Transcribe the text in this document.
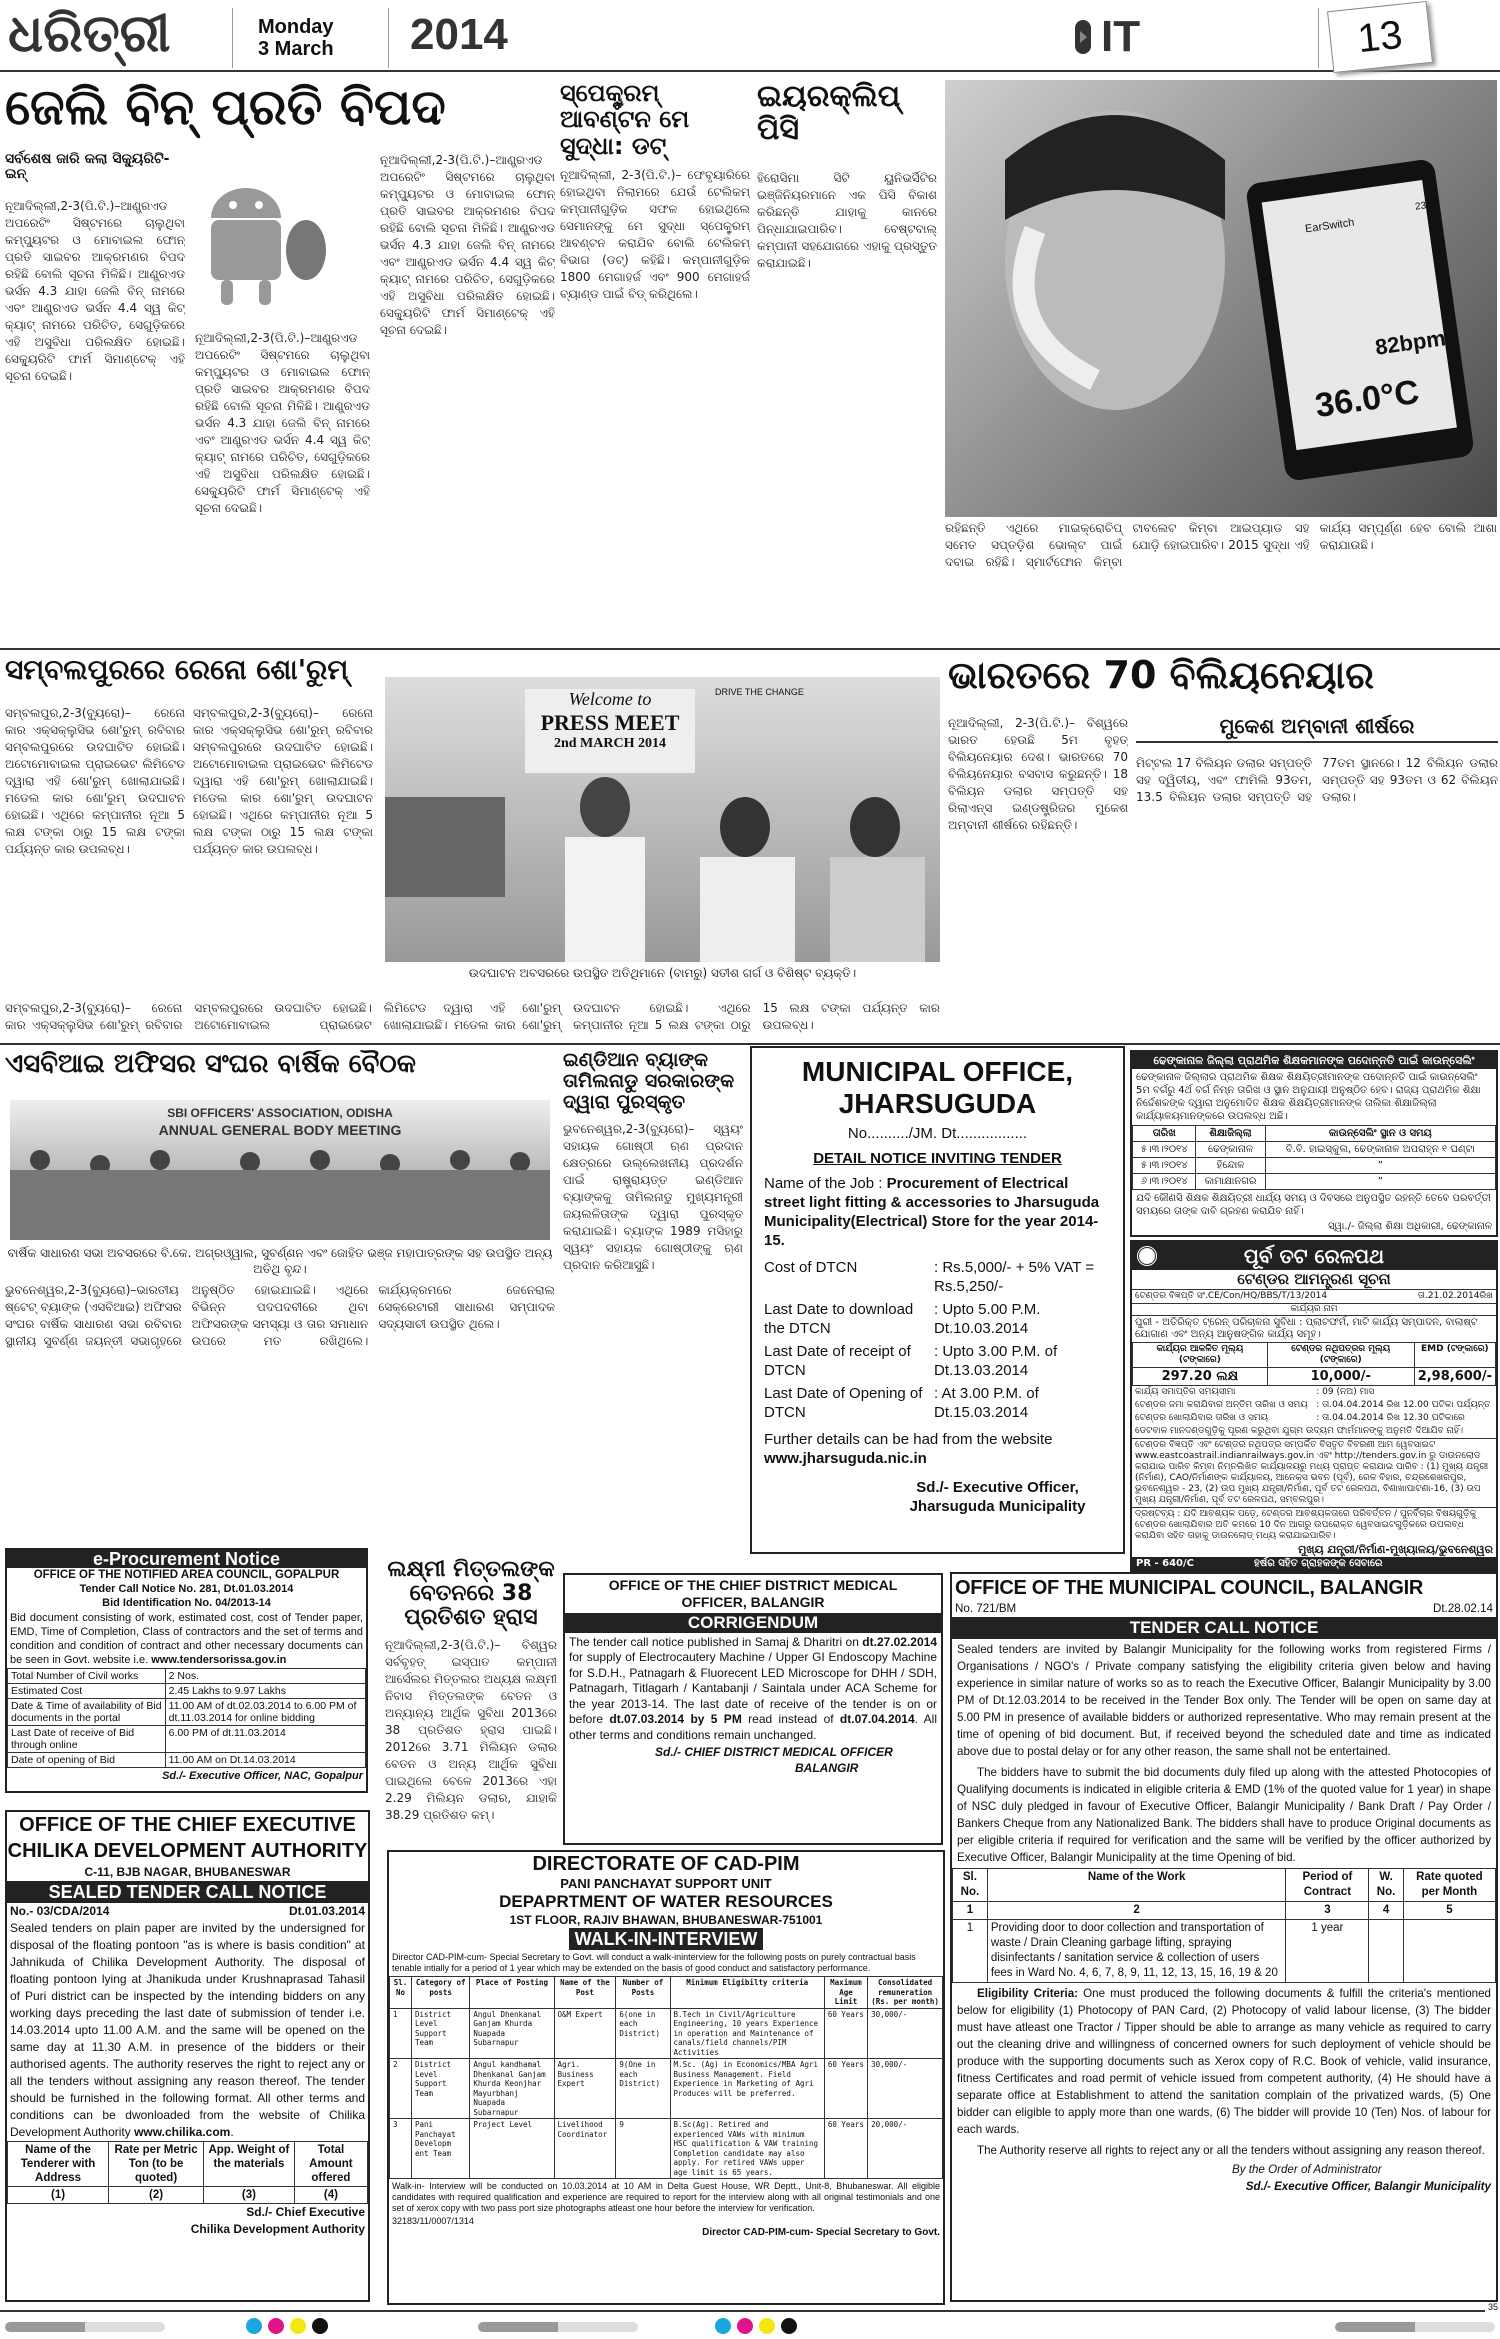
ଧରିତ୍ରୀ	Monday
3 March 2014	IT	13
ଜେଲି ବିନ୍ ପ୍ରତି ବିପଦ
ସର୍ବଶେଷ ଜାରି କଲା ସିକ୍ୟୁରିଟି-ଇନ୍
ନୂଆଦିଲ୍ଲୀ,2-3(ପି.ଟି.)–ଆଣ୍ଡ୍ରଏଡ ଅପରେଟିଂ ସିଷ୍ଟମରେ ଚାଲୁଥିବା କମ୍ପ୍ୟୁଟର ଓ ମୋବାଇଲ ଫୋନ୍ ପ୍ରତି ସାଇବର ଆକ୍ରମଣର ବିପଦ ରହିଛି ବୋଲି ସୂଚନା ମିଳିଛି। ଆଣ୍ଡ୍ରଏଡ ଭର୍ସନ 4.3 ଯାହା ଜେଲି ବିନ୍ ନାମରେ ଏବଂ ଆଣ୍ଡ୍ରଏଡ ଭର୍ସନ 4.4 ସ୍ୱ କିଟ୍ କ୍ୟାଟ୍ ନାମରେ ପରିଚିତ, ସେଗୁଡ଼ିକରେ ଏହି ଅସୁବିଧା ପରିଲକ୍ଷିତ ହୋଇଛି। ସେକ୍ୟୁରିଟି ଫାର୍ମ ସିମାଣ୍ଟେକ୍ ଏହି ସୂଚନା ଦେଇଛି।
ନୂଆଦିଲ୍ଲୀ,2-3(ପି.ଟି.)–ଆଣ୍ଡ୍ରଏଡ ଅପରେଟିଂ ସିଷ୍ଟମରେ ଚାଲୁଥିବା କମ୍ପ୍ୟୁଟର ଓ ମୋବାଇଲ ଫୋନ୍ ପ୍ରତି ସାଇବର ଆକ୍ରମଣର ବିପଦ ରହିଛି ବୋଲି ସୂଚନା ମିଳିଛି। ଆଣ୍ଡ୍ରଏଡ ଭର୍ସନ 4.3 ଯାହା ଜେଲି ବିନ୍ ନାମରେ ଏବଂ ଆଣ୍ଡ୍ରଏଡ ଭର୍ସନ 4.4 ସ୍ୱ କିଟ୍ କ୍ୟାଟ୍ ନାମରେ ପରିଚିତ, ସେଗୁଡ଼ିକରେ ଏହି ଅସୁବିଧା ପରିଲକ୍ଷିତ ହୋଇଛି। ସେକ୍ୟୁରିଟି ଫାର୍ମ ସିମାଣ୍ଟେକ୍ ଏହି ସୂଚନା ଦେଇଛି।
ନୂଆଦିଲ୍ଲୀ,2-3(ପି.ଟି.)–ଆଣ୍ଡ୍ରଏଡ ଅପରେଟିଂ ସିଷ୍ଟମରେ ଚାଲୁଥିବା କମ୍ପ୍ୟୁଟର ଓ ମୋବାଇଲ ଫୋନ୍ ପ୍ରତି ସାଇବର ଆକ୍ରମଣର ବିପଦ ରହିଛି ବୋଲି ସୂଚନା ମିଳିଛି। ଆଣ୍ଡ୍ରଏଡ ଭର୍ସନ 4.3 ଯାହା ଜେଲି ବିନ୍ ନାମରେ ଏବଂ ଆଣ୍ଡ୍ରଏଡ ଭର୍ସନ 4.4 ସ୍ୱ କିଟ୍ କ୍ୟାଟ୍ ନାମରେ ପରିଚିତ, ସେଗୁଡ଼ିକରେ ଏହି ଅସୁବିଧା ପରିଲକ୍ଷିତ ହୋଇଛି। ସେକ୍ୟୁରିଟି ଫାର୍ମ ସିମାଣ୍ଟେକ୍ ଏହି ସୂଚନା ଦେଇଛି।
ସ୍ପେକ୍ଟ୍ରମ୍ ଆବଣ୍ଟନ ମେ ସୁଦ୍ଧା: ଡଟ୍
ନୂଆଦିଲ୍ଲୀ, 2-3(ପି.ଟି.)– ଫେବୃୟାରିରେ ହୋଇଥିବା ନିଲାମରେ ଯେଉଁ ଟେଲିକମ୍ କମ୍ପାନୀଗୁଡ଼ିକ ସଫଳ ହୋଇଥିଲେ ସେମାନଙ୍କୁ ମେ ସୁଦ୍ଧା ସ୍ପେକ୍ଟ୍ରମ୍ ଆବଣ୍ଟନ କରାଯିବ ବୋଲି ଟେଲିକମ୍ ବିଭାଗ (ଡଟ୍) କହିଛି। କମ୍ପାନୀଗୁଡ଼ିକ 1800 ମେଗାହର୍ଜ ଏବଂ 900 ମେଗାହର୍ଜ ବ୍ୟାଣ୍ଡ ପାଇଁ ବିଡ୍ କରିଥିଲେ।
ଇୟରକ୍ଲିପ୍ ପିସି
ହିରୋସିମା ସିଟି ୟୁନିଭର୍ସିଟିର ଇଞ୍ଜିନିୟରମାନେ ଏକ ପିସି ବିକାଶ କରିଛନ୍ତି ଯାହାକୁ କାନରେ ପିନ୍ଧାଯାଇପାରିବ। ବେଷ୍ଟବାଲ୍ କମ୍ପାନୀ ସହଯୋଗରେ ଏହାକୁ ପ୍ରସ୍ତୁତ କରାଯାଇଛି।
EarSwitch
23:16
82bpm
36.0°C
ରହିଛନ୍ତି ଏଥିରେ ମାଇକ୍ରୋଚିପ୍ ସମେତ ସପ୍ତଡ଼ିଶ ଭୋଲ୍ଟ ପାଇଁ ଦବାଇ ରହିଛି। ସ୍ମାର୍ଟଫୋନ କିମ୍ବା ଟାବଲେଟ କିମ୍ବା ଆଇପ୍ୟାଡ ସହ ଯୋଡ଼ି ହୋଇପାରିବ। 2015 ସୁଦ୍ଧା ଏହି କାର୍ଯ୍ୟ ସମ୍ପୂର୍ଣ୍ଣ ହେବ ବୋଲି ଆଶା କରାଯାଉଛି।
ସମ୍ବଲପୁରରେ ରେନୋ ଶୋ'ରୁମ୍
ସମ୍ବଲପୁର,2-3(ବ୍ୟୁରୋ)– ରେନୋ କାର ଏକ୍ସକ୍ଲୁସିଭ ଶୋ'ରୁମ୍ ରବିବାର ସମ୍ବଲପୁରରେ ଉଦଘାଟିତ ହୋଇଛି। ଅଟୋମୋବାଇଲ ପ୍ରାଇଭେଟ ଲିମିଟେଡ ଦ୍ୱାରା ଏହି ଶୋ'ରୁମ୍ ଖୋଲାଯାଇଛି। ମଡେଲ କାର ଶୋ'ରୁମ୍ ଉଦଘାଟନ ହୋଇଛି। ଏଥିରେ କମ୍ପାନୀର ନୂଆ 5 ଲକ୍ଷ ଟଙ୍କା ଠାରୁ 15 ଲକ୍ଷ ଟଙ୍କା ପର୍ଯ୍ୟନ୍ତ କାର ଉପଲବ୍ଧ।
ସମ୍ବଲପୁର,2-3(ବ୍ୟୁରୋ)– ରେନୋ କାର ଏକ୍ସକ୍ଲୁସିଭ ଶୋ'ରୁମ୍ ରବିବାର ସମ୍ବଲପୁରରେ ଉଦଘାଟିତ ହୋଇଛି। ଅଟୋମୋବାଇଲ ପ୍ରାଇଭେଟ ଲିମିଟେଡ ଦ୍ୱାରା ଏହି ଶୋ'ରୁମ୍ ଖୋଲାଯାଇଛି। ମଡେଲ କାର ଶୋ'ରୁମ୍ ଉଦଘାଟନ ହୋଇଛି। ଏଥିରେ କମ୍ପାନୀର ନୂଆ 5 ଲକ୍ଷ ଟଙ୍କା ଠାରୁ 15 ଲକ୍ଷ ଟଙ୍କା ପର୍ଯ୍ୟନ୍ତ କାର ଉପଲବ୍ଧ।
Welcome to
PRESS MEET
2nd MARCH 2014
DRIVE THE CHANGE
ଉଦଘାଟନ ଅବସରରେ ଉପସ୍ଥିତ ଅତିଥିମାନେ (ବାମରୁ) ସତୀଶ ଗର୍ଗ ଓ ବିଶିଷ୍ଟ ବ୍ୟକ୍ତି।
ସମ୍ବଲପୁର,2-3(ବ୍ୟୁରୋ)– ରେନୋ କାର ଏକ୍ସକ୍ଲୁସିଭ ଶୋ'ରୁମ୍ ରବିବାର ସମ୍ବଲପୁରରେ ଉଦଘାଟିତ ହୋଇଛି। ଅଟୋମୋବାଇଲ ପ୍ରାଇଭେଟ ଲିମିଟେଡ ଦ୍ୱାରା ଏହି ଶୋ'ରୁମ୍ ଖୋଲାଯାଇଛି। ମଡେଲ କାର ଶୋ'ରୁମ୍ ଉଦଘାଟନ ହୋଇଛି। ଏଥିରେ କମ୍ପାନୀର ନୂଆ 5 ଲକ୍ଷ ଟଙ୍କା ଠାରୁ 15 ଲକ୍ଷ ଟଙ୍କା ପର୍ଯ୍ୟନ୍ତ କାର ଉପଲବ୍ଧ।
ଭାରତରେ 70 ବିଲିୟନେୟାର
ନୂଆଦିଲ୍ଲୀ, 2-3(ପି.ଟି.)– ବିଶ୍ୱରେ ଭାରତ ହେଉଛି 5ମ ବୃହତ୍ ବିଲିୟନେୟାର ଦେଶ। ଭାରତରେ 70 ବିଲିୟନେୟାର ବସବାସ କରୁଛନ୍ତି। 18 ବିଲିୟନ ଡଲାର ସମ୍ପତ୍ତି ସହ ରିଲାଏନ୍ସ ଇଣ୍ଡଷ୍ଟ୍ରିଜର ମୁକେଶ ଅମ୍ବାନୀ ଶୀର୍ଷରେ ରହିଛନ୍ତି।
ମୁକେଶ ଅମ୍ବାନୀ ଶୀର୍ଷରେ
ମିଟ୍ଟଲ 17 ବିଲିୟନ ଡଲାର ସମ୍ପତ୍ତି ସହ ଦ୍ୱିତୀୟ, ଏବଂ ଫାମିଲି 93ତମ, 13.5 ବିଲିୟନ ଡଲାର ସମ୍ପତ୍ତି ସହ 77ତମ ସ୍ଥାନରେ। 12 ବିଲିୟନ ଡଲାର ସମ୍ପତ୍ତି ସହ 93ତମ ଓ 62 ବିଲିୟନ ଡଲାର।
ଏସବିଆଇ ଅଫିସର ସଂଘର ବାର୍ଷିକ ବୈଠକ
SBI OFFICERS' ASSOCIATION, ODISHA
ANNUAL GENERAL BODY MEETING
ବାର୍ଷିକ ସାଧାରଣ ସଭା ଅବସରରେ ବି.କେ. ଅଗ୍ରଓ୍ୱାଲ, ସୁବର୍ଣ୍ଣନ ଏବଂ ଜୋହିତ ଭଞ୍ଜ ମହାପାତ୍ରଙ୍କ ସହ ଉପସ୍ଥିତ ଅନ୍ୟ ଅତିଥି ବୃନ୍ଦ।
ଭୁବନେଶ୍ୱର,2-3(ବ୍ୟୁରୋ)–ଭାରତୀୟ ଷ୍ଟେଟ୍ ବ୍ୟାଙ୍କ (ଏସବିଆଇ) ଅଫିସର ସଂଘର ବାର୍ଷିକ ସାଧାରଣ ସଭା ରବିବାର ସ୍ଥାନୀୟ ସୁବର୍ଣ୍ଣ ଜୟନ୍ତୀ ସଭାଗୃହରେ ଅନୁଷ୍ଠିତ ହୋଇଯାଇଛି। ଏଥିରେ ବିଭିନ୍ନ ପଦପଦବୀରେ ଥିବା ଅଫିସରଙ୍କ ସମସ୍ୟା ଓ ତାର ସମାଧାନ ଉପରେ ମତ ରଖିଥିଲେ। କାର୍ଯ୍ୟକ୍ରମରେ ଜେନେରାଲ ସେକ୍ରେଟାରୀ ସାଧାରଣ ସମ୍ପାଦକ ସଦ୍ୟସାଚୀ ଉପସ୍ଥିତ ଥିଲେ।
ଇଣ୍ଡିଆନ ବ୍ୟାଙ୍କ ତାମିଲନାଡୁ ସରକାରଙ୍କ ଦ୍ୱାରା ପୁରସ୍କୃତ
ଭୁବନେଶ୍ୱର,2-3(ବ୍ୟୁରୋ)– ସ୍ୱୟଂ ସହାୟକ ଗୋଷ୍ଠୀ ଋଣ ପ୍ରଦାନ କ୍ଷେତ୍ରରେ ଉଲ୍ଲେଖନୀୟ ପ୍ରଦର୍ଶନ ପାଇଁ ରାଷ୍ଟ୍ରାୟତ୍ତ ଇଣ୍ଡିଆନ ବ୍ୟାଙ୍କକୁ ତାମିଲନାଡୁ ମୁଖ୍ୟମନ୍ତ୍ରୀ ଜୟଲଳିତାଙ୍କ ଦ୍ୱାରା ପୁରସ୍କୃତ କରାଯାଇଛି। ବ୍ୟାଙ୍କ 1989 ମସିହାରୁ ସ୍ୱୟଂ ସହାୟକ ଗୋଷ୍ଠୀଙ୍କୁ ଋଣ ପ୍ରଦାନ କରିଆସୁଛି।
MUNICIPAL OFFICE, JHARSUGUDA
No........../JM. Dt.................
DETAIL NOTICE INVITING TENDER
Name of the Job : Procurement of Electrical street light fitting & accessories to Jharsuguda Municipality(Electrical) Store for the year 2014-15.
Cost of DTCN	: Rs.5,000/- + 5% VAT = Rs.5,250/-
Last Date to download the DTCN
: Upto 5.00 P.M. Dt.10.03.2014
Last Date of receipt of DTCN
: Upto 3.00 P.M. of Dt.13.03.2014
Last Date of Opening of DTCN
: At 3.00 P.M. of Dt.15.03.2014
Further details can be had from the website
www.jharsuguda.nic.in
Sd./- Executive Officer,
Jharsuguda Municipality
ଢେଙ୍କାନାଳ ଜିଲ୍ଲା ପ୍ରାଥମିକ ଶିକ୍ଷକମାନଙ୍କ ପଦୋନ୍ନତି ପାଇଁ କାଉନ୍ସେଲିଂ
ଢେଙ୍କାନାଳ ଜିଲ୍ଲାର ପ୍ରାଥମିକ ଶିକ୍ଷକ ଶିକ୍ଷୟିତ୍ରୀମାନଙ୍କ ପଦୋନ୍ନତି ପାଇଁ କାଉନ୍ସେଲିଂ 5ମ ବର୍ଗରୁ 4ର୍ଥ ବର୍ଗ ନିମ୍ନ ତାରିଖ ଓ ସ୍ଥାନ ଅନୁଯାୟୀ ଅନୁଷ୍ଠିତ ହେବ। ରାଜ୍ୟ ପ୍ରାଥମିକ ଶିକ୍ଷା ନିର୍ଦ୍ଦେଶକଙ୍କ ଦ୍ୱାରା ଅନୁମୋଦିତ ଶିକ୍ଷକ ଶିକ୍ଷୟିତ୍ରୀମାନଙ୍କ ତାଲିକା ଶିକ୍ଷାଜିଲ୍ଲା କାର୍ଯ୍ୟାଳୟମାନଙ୍କରେ ଉପଲବ୍ଧ ଅଛି।
ତାରିଖ	ଶିକ୍ଷାଜିଲ୍ଲା	କାଉନ୍ସେଲିଂ ସ୍ଥାନ ଓ ସମୟ
୫।୩।୨୦୧୪	ଢେଙ୍କାନାଳ	ବି.ବି. ହାଇସ୍କୁଲ, ଢେଙ୍କାନାଳ ଅପରାହ୍ନ ୧ ଘଣ୍ଟା
୫।୩।୨୦୧୪	ହିନ୍ଦୋଳ	”
୬।୩।୨୦୧୪	କାମାକ୍ଷାନଗର	”
ଯଦି କୌଣସି ଶିକ୍ଷକ ଶିକ୍ଷୟିତ୍ରୀ ଧାର୍ଯ୍ୟ ସମୟ ଓ ଦିବସରେ ଅନୁପସ୍ଥିତ ରହନ୍ତି ତେବେ ପରବର୍ତ୍ତୀ ସମୟରେ ତାଙ୍କ ଦାବି ଗ୍ରହଣ କରାଯିବ ନାହିଁ।
ସ୍ୱା./- ଜିଲ୍ଲା ଶିକ୍ଷା ଅଧିକାରୀ, ଢେଙ୍କାନାଳ
ପୂର୍ବ ତଟ ରେଳପଥ
ଟେଣ୍ଡର ଆମନ୍ତ୍ରଣ ସୂଚନା
ଟେଣ୍ଡର ବିଜ୍ଞପ୍ତି ସଂ.CE/Con/HQ/BBS/T/13/2014	ତା.21.02.2014ରିଖ
କାର୍ଯ୍ୟର ନାମ
ପୁରୀ - ଅତିରିକ୍ତ ଟ୍ରେନ୍ ପରିଚାଳନା ସୁବିଧା : ପ୍ଲାଟଫର୍ମ, ମାଟି କାର୍ଯ୍ୟ ସମ୍ପାଦନ, ବାଲାଷ୍ଟ ଯୋଗାଣ ଏବଂ ଅନ୍ୟ ଆନୁଷଙ୍ଗିକ କାର୍ଯ୍ୟ ସମୂହ।
କାର୍ଯ୍ୟର ଆକଳିତ ମୂଲ୍ୟ (ଟଙ୍କାରେ)	ଟେଣ୍ଡର ନଥିପତ୍ରର ମୂଲ୍ୟ (ଟଙ୍କାରେ)	EMD (ଟଙ୍କାରେ)
297.20 ଲକ୍ଷ	10,000/-	2,98,600/-
କାର୍ଯ୍ୟ ସମାପ୍ତିର ସମୟସୀମା	: 09 (ନଅ) ମାସ
ଟେଣ୍ଡର ଜମା କରାଯିବାର ଅନ୍ତିମ ତାରିଖ ଓ ସମୟ	: ତା.04.04.2014 ରିଖ 12.00 ଘଟିକା ପର୍ଯ୍ୟନ୍ତ
ଟେଣ୍ଡର ଖୋଲାଯିବାର ତାରିଖ ଓ ସମୟ	: ତା.04.04.2014 ରିଖ 12.30 ଘଟିକାରେ
ଡେଟବାଳ ମାନଦଣ୍ଡଗୁଡ଼ିକୁ ପୂରଣ କରୁଥିବା ଯୁଗ୍ମ ଉଦ୍ୟମ ଫାର୍ମମାନଙ୍କୁ ଅନୁମତି ଦିଆଯିବ ନାହିଁ।
ଟେଣ୍ଡର ବିଜ୍ଞପ୍ତି ଏବଂ ଟେଣ୍ଡର ନଥିପତ୍ର ସମ୍ପର୍କିତ ବିସ୍ତୃତ ବିବରଣୀ ଆମ ୱେବସାଇଟ www.eastcoastrail.indianrailways.gov.in ଏବଂ http://tenders.gov.in ରୁ ଡାଉନଲୋଡ କରାଯାଇ ପାରିବ କିମ୍ବା ନିମ୍ନଲିଖିତ କାର୍ଯ୍ୟାଳୟରୁ ମଧ୍ୟ ପ୍ରାପ୍ତ କରାଯାଇ ପାରିବ : (1) ମୁଖ୍ୟ ଯନ୍ତ୍ରୀ (ନିର୍ମାଣ), CAO/ନିର୍ମାଣଙ୍କ କାର୍ଯ୍ୟାଳୟ, ଆନେକ୍ସ ଭବନ (ପୂର୍ବ), ରେଳ ବିହାର, ଚନ୍ଦ୍ରଶେଖରପୁର, ଭୁବନେଶ୍ୱର - 23, (2) ଉପ ମୁଖ୍ୟ ଯନ୍ତ୍ରୀ/ନିର୍ମାଣ, ପୂର୍ବ ତଟ ରେଳପଥ, ବିଶାଖାପାଟଣା-16, (3) ଉପ ମୁଖ୍ୟ ଯନ୍ତ୍ରୀ/ନିର୍ମାଣ, ପୂର୍ବ ତଟ ରେଳପଥ, ସମ୍ବଲପୁର।
ଦ୍ରଷ୍ଟବ୍ୟ : ଯଦି ଆବଶ୍ୟକ ପଡ଼େ, ଟେଣ୍ଡର ଆବଶ୍ୟକତାରେ ପରିବର୍ତ୍ତନ / ପୁନର୍ବିଚାର ବିଷୟଗୁଡ଼ିକୁ ଟେଣ୍ଡର ଖୋଲାଯିବାର ଅତି କମରେ 10 ଦିନ ଆଗରୁ ଉପରୋକ୍ତ ୱେବସାଇଟଗୁଡ଼ିକରେ ଉପଲବ୍ଧ କରାଯିବା ସହିତ ତାହାକୁ ଡାଉନଲୋଡ୍ ମଧ୍ୟ କରାଯାଇପାରିବ।
ମୁଖ୍ୟ ଯନ୍ତ୍ରୀ/ନିର୍ମାଣ-ମୁଖ୍ୟାଳୟ/ଭୁବନେଶ୍ୱର
PR - 640/C	ହର୍ଷର ସହିତ ଗ୍ରାହକଙ୍କ ସେବାରେ
e-Procurement Notice
OFFICE OF THE NOTIFIED AREA COUNCIL, GOPALPUR
Tender Call Notice No. 281, Dt.01.03.2014
Bid Identification No. 04/2013-14
Bid document consisting of work, estimated cost, cost of Tender paper, EMD, Time of Completion, Class of contractors and the set of terms and condition and condition of contract and other necessary documents can be seen in Govt. website i.e. www.tendersorissa.gov.in
Total Number of Civil works	2 Nos.
Estimated Cost	2.45 Lakhs to 9.97 Lakhs
Date & Time of availability of Bid documents in the portal	11.00 AM of dt.02.03.2014 to 6.00 PM of dt.11.03.2014 for online bidding
Last Date of receive of Bid through online	6.00 PM of dt.11.03.2014
Date of opening of Bid	11.00 AM on Dt.14.03.2014
Sd./- Executive Officer, NAC, Gopalpur
ଲକ୍ଷ୍ମୀ ମିତ୍ତଲଙ୍କ ବେତନରେ 38 ପ୍ରତିଶତ ହ୍ରାସ
ନୂଆଦିଲ୍ଲୀ,2-3(ପି.ଟି.)– ବିଶ୍ୱର ସର୍ବବୃହତ୍ ଇସ୍ପାତ କମ୍ପାନୀ ଆର୍ସେଲର ମିତ୍ତଲର ଅଧ୍ୟକ୍ଷ ଲକ୍ଷ୍ମୀ ନିବାସ ମିତ୍ତଲଙ୍କ ବେତନ ଓ ଅନ୍ୟାନ୍ୟ ଆର୍ଥିକ ସୁବିଧା 2013ରେ 38 ପ୍ରତିଶତ ହ୍ରାସ ପାଇଛି। 2012ରେ 3.71 ମିଲିୟନ ଡଲାର ବେତନ ଓ ଅନ୍ୟ ଆର୍ଥିକ ସୁବିଧା ପାଇଥିଲେ ବେଳେ 2013ରେ ଏହା 2.29 ମିଲିୟନ ଡଲାର, ଯାହାକି 38.29 ପ୍ରତିଶତ କମ୍।
OFFICE OF THE CHIEF DISTRICT MEDICAL OFFICER, BALANGIR
CORRIGENDUM
The tender call notice published in Samaj & Dharitri on dt.27.02.2014 for supply of Electrocautery Machine / Upper GI Endoscopy Machine for S.D.H., Patnagarh & Fluorecent LED Microscope for DHH / SDH, Patnagarh, Titlagarh / Kantabanji / Saintala under ACA Scheme for the year 2013-14. The last date of receive of the tender is on or before dt.07.03.2014 by 5 PM read instead of dt.07.04.2014. All other terms and conditions remain unchanged.
Sd./- CHIEF DISTRICT MEDICAL OFFICER
BALANGIR
OFFICE OF THE CHIEF EXECUTIVE
CHILIKA DEVELOPMENT AUTHORITY
C-11, BJB NAGAR, BHUBANESWAR
SEALED TENDER CALL NOTICE
No.- 03/CDA/2014	Dt.01.03.2014
Sealed tenders on plain paper are invited by the undersigned for disposal of the floating pontoon "as is where is basis condition" at Jahnikuda of Chilika Development Authority. The disposal of floating pontoon lying at Jhanikuda under Krushnaprasad Tahasil of Puri district can be inspected by the intending bidders on any working days preceding the last date of submission of tender i.e. 14.03.2014 upto 11.00 A.M. and the same will be opened on the same day at 11.30 A.M. in presence of the bidders or their authorised agents. The authority reserves the right to reject any or all the tenders without assigning any reason thereof. The tender should be furnished in the following format. All other terms and conditions can be dwonloaded from the website of Chilika Development Authority www.chilika.com.
Name of the Tenderer with Address	Rate per Metric Ton (to be quoted)	App. Weight of the materials	Total Amount offered
(1)	(2)	(3)	(4)
Sd./- Chief Executive
Chilika Development Authority
DIRECTORATE OF CAD-PIM
PANI PANCHAYAT SUPPORT UNIT
DEPAPRTMENT OF WATER RESOURCES
1ST FLOOR, RAJIV BHAWAN, BHUBANESWAR-751001
WALK-IN-INTERVIEW
Director CAD-PIM-cum- Special Secretary to Govt. will conduct a walk-ininterview for the following posts on purely contractual basis tenable intially for a period of 1 year which may be extended on the basis of good conduct and satisfactory performance.
Sl. No	Category of posts	Place of Posting	Name of the Post	Number of Posts	Minimum Eligibilty criteria	Maximum Age Limit	Consolidated remuneration (Rs. per month)
1	District Level Support Team	Angul Dhenkanal Ganjam Khurda Nuapada Subarnapur	O&M Expert	6(one in each District)	B.Tech in Civil/Agriculture Engineering, 10 years Experience in operation and Maintenance of canals/field channels/PIM Activities	60 Years	30,000/-
2	District Level Support Team	Angul kandhamal Dhenkanal Ganjam Khurda Keonjhar Mayurbhanj Nuapada Subarnapur	Agri. Business Expert	9(One in each District)	M.Sc. (Ag) in Economics/MBA Agri Business Management. Field Experience in Marketing of Agri Produces will be preferred.	60 Years	30,000/-
3	Pani Panchayat Developm ent Team	Project Level	Livelihood Coordinator	9	B.Sc(Ag). Retired and experienced VAWs with minimum HSC qualification & VAW training Completion candidate may also apply. For retired VAWs upper age limit is 65 years.	60 Years	20,000/-
Walk-in- Interview will be conducted on 10.03.2014 at 10 AM in Delta Guest House, WR Deptt., Unit-8, Bhubaneswar. All eligible candidates with required qualification and experience are required to report for the interview along with all original testimonials and one set of xerox copy with two pass port size photographs atleast one hour before the interview for verification.
32183/11/0007/1314
Director CAD-PIM-cum- Special Secretary to Govt.
OFFICE OF THE MUNICIPAL COUNCIL, BALANGIR
No. 721/BM	Dt.28.02.14
TENDER CALL NOTICE
Sealed tenders are invited by Balangir Municipality for the following works from registered Firms / Organisations / NGO's / Private company satisfying the eligibility criteria given below and having experience in similar nature of works so as to reach the Executive Officer, Balangir Municipality by 3.00 PM of Dt.12.03.2014 to be received in the Tender Box only. The Tender will be open on same day at 5.00 PM in presence of available bidders or authorized representative. Who may remain present at the time of opening of bid document. But, if received beyond the scheduled date and time as indicated above due to postal delay or for any other reason, the same shall not be entertained.
The bidders have to submit the bid documents duly filed up along with the attested Photocopies of Qualifying documents is indicated in eligible criteria & EMD (1% of the quoted value for 1 year) in shape of NSC duly pledged in favour of Executive Officer, Balangir Municipality / Bank Draft / Pay Order / Bankers Cheque from any Nationalized Bank. The bidders shall have to produce Original documents as per eligible criteria if required for verification and the same will be verified by the officer authorized by Executive Officer, Balangir Municipality at the time Opening of bid.
Sl. No.	Name of the Work	Period of Contract	W. No.	Rate quoted per Month
1	2	3	4	5
1	Providing door to door collection and transportation of waste / Drain Cleaning garbage lifting, spraying disinfectants / sanitation service & collection of users fees in Ward No. 4, 6, 7, 8, 9, 11, 12, 13, 15, 16, 19 & 20	1 year		
Eligibility Criteria: One must produced the following documents & fulfill the criteria's mentioned below for eligibility (1) Photocopy of PAN Card, (2) Photocopy of valid labour license, (3) The bidder must have atleast one Tractor / Tipper should be able to arrange as many vehicle as required to carry out the cleaning drive and willingness of concerned owners for such deployment of vehicle should be produce with the supporting documents such as Xerox copy of R.C. Book of vehicle, valid insurance, fitness Certificates and road permit of vehicle issued from competent authority, (4) He should have a separate office at Establishment to attend the sanitation complain of the privatized wards, (5) One bidder can eligible to apply more than one wards, (6) The bidder will provide 10 (Ten) Nos. of labour for each wards.
The Authority reserve all rights to reject any or all the tenders without assigning any reason thereof.
By the Order of Administrator
Sd./- Executive Officer, Balangir Municipality
35
